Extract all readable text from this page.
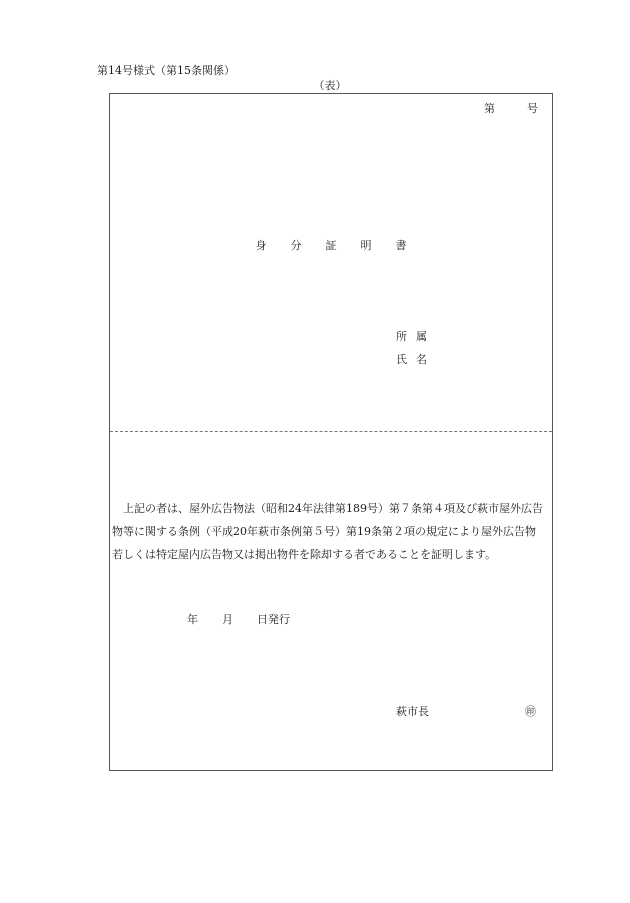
第14号様式（第15条関係）
（表）
第	号
身 分 証 明 書
所 属
氏 名

上記の者は、屋外広告物法（昭和24年法律第189号）第７条第４項及び萩市屋外広告物等に関する条例（平成20年萩市条例第５号）第19条第２項の規定により屋外広告物若しくは特定屋内広告物又は掲出物件を除却する者であることを証明します。

年 月 日発行
萩市長	㊞
